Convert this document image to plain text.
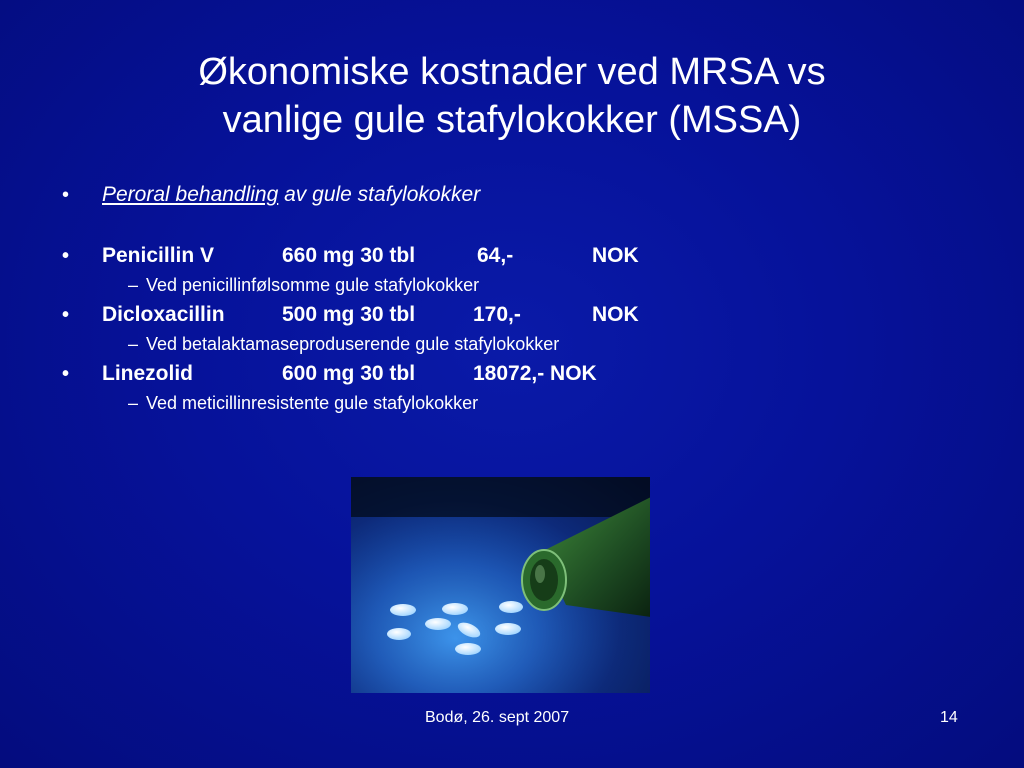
Økonomiske kostnader ved MRSA vs
vanlige gule stafylokokker (MSSA)
• Peroral behandling av gule stafylokokker
• Penicillin V	660 mg 30 tbl	64,-	NOK
– Ved penicillinfølsomme gule stafylokokker
• Dicloxacillin	500 mg 30 tbl	170,-	NOK
– Ved betalaktamaseproduserende gule stafylokokker
• Linezolid	600 mg 30 tbl	18072,- NOK
– Ved meticillinresistente gule stafylokokker
Bodø, 26. sept 2007	14
